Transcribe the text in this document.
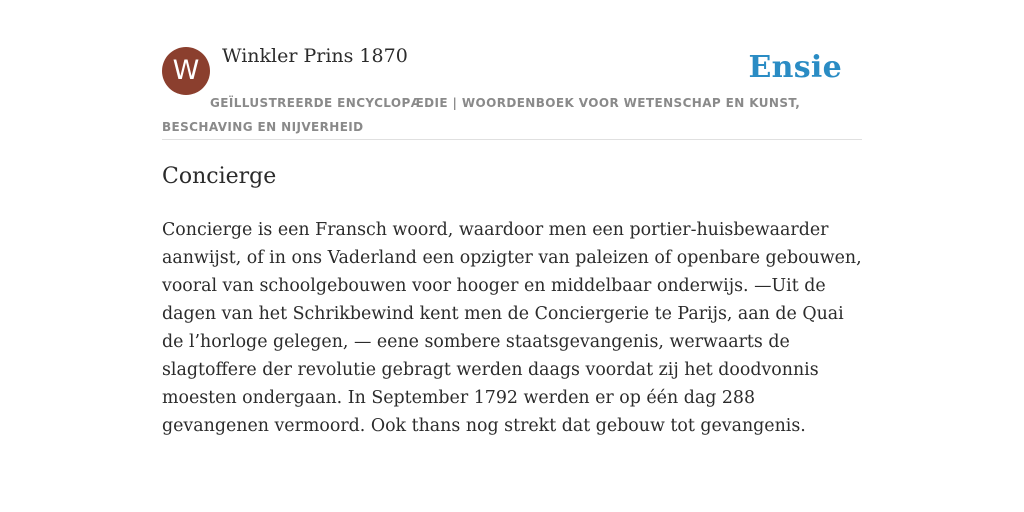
W	Winkler Prins 1870	Ensie
GEÏLLUSTREERDE ENCYCLOPÆDIE | WOORDENBOEK VOOR WETENSCHAP EN KUNST, BESCHAVING EN NIJVERHEID
Concierge

Concierge is een Fransch woord, waardoor men een portier-huisbewaarder aanwijst, of in ons Vaderland een opzigter van paleizen of openbare gebouwen, vooral van schoolgebouwen voor hooger en middelbaar onderwijs. —Uit de dagen van het Schrikbewind kent men de Conciergerie te Parijs, aan de Quai de l’horloge gelegen, — eene sombere staatsgevangenis, werwaarts de slagtoffere der revolutie gebragt werden daags voordat zij het doodvonnis moesten ondergaan. In September 1792 werden er op één dag 288 gevangenen vermoord. Ook thans nog strekt dat gebouw tot gevangenis.
